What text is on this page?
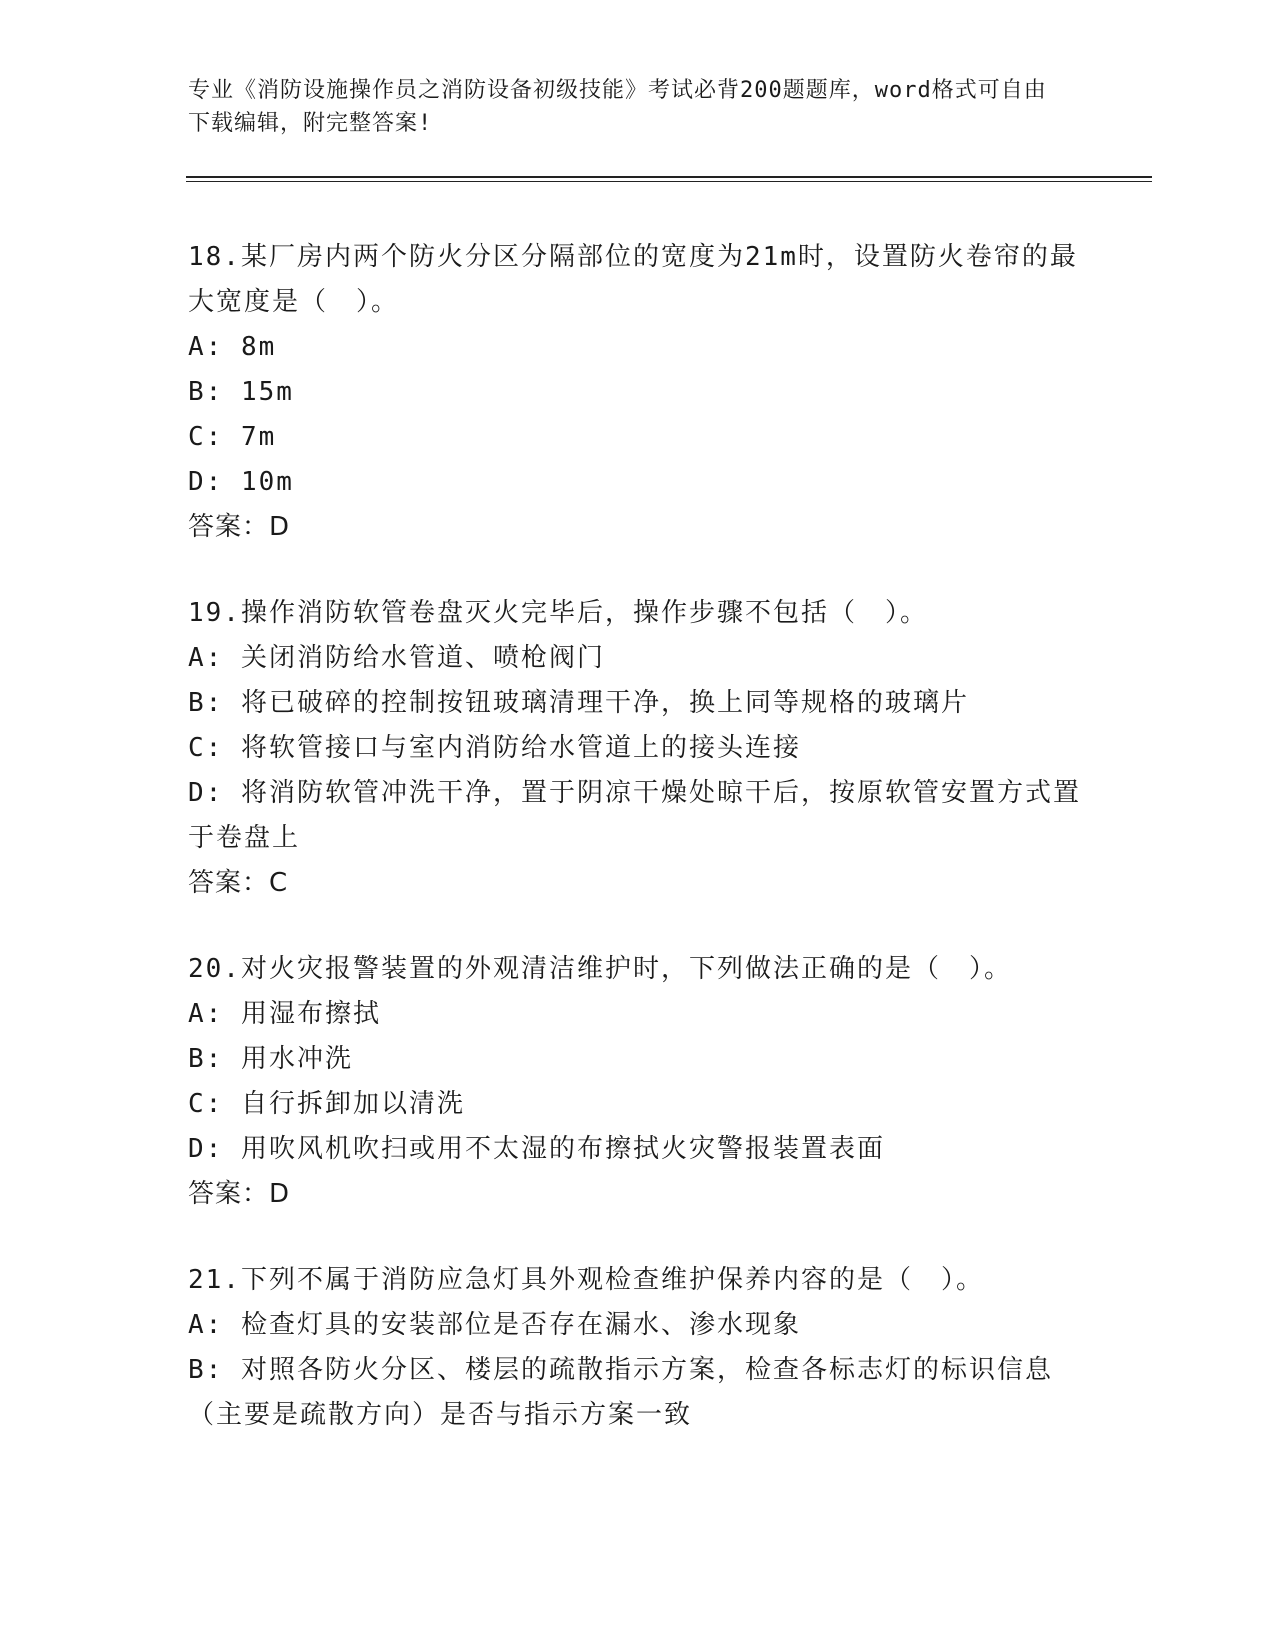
专业《消防设施操作员之消防设备初级技能》考试必背200题题库，word格式可自由下载编辑，附完整答案!

18.某厂房内两个防火分区分隔部位的宽度为21m时，设置防火卷帘的最大宽度是（　）。

A: 8m

B: 15m

C: 7m

D: 10m

答案：D

19.操作消防软管卷盘灭火完毕后，操作步骤不包括（　）。

A: 关闭消防给水管道、喷枪阀门

B: 将已破碎的控制按钮玻璃清理干净，换上同等规格的玻璃片

C: 将软管接口与室内消防给水管道上的接头连接

D: 将消防软管冲洗干净，置于阴凉干燥处晾干后，按原软管安置方式置于卷盘上

答案：C

20.对火灾报警装置的外观清洁维护时，下列做法正确的是（　）。

A: 用湿布擦拭

B: 用水冲洗

C: 自行拆卸加以清洗

D: 用吹风机吹扫或用不太湿的布擦拭火灾警报装置表面

答案：D

21.下列不属于消防应急灯具外观检查维护保养内容的是（　）。

A: 检查灯具的安装部位是否存在漏水、渗水现象

B: 对照各防火分区、楼层的疏散指示方案，检查各标志灯的标识信息（主要是疏散方向）是否与指示方案一致
